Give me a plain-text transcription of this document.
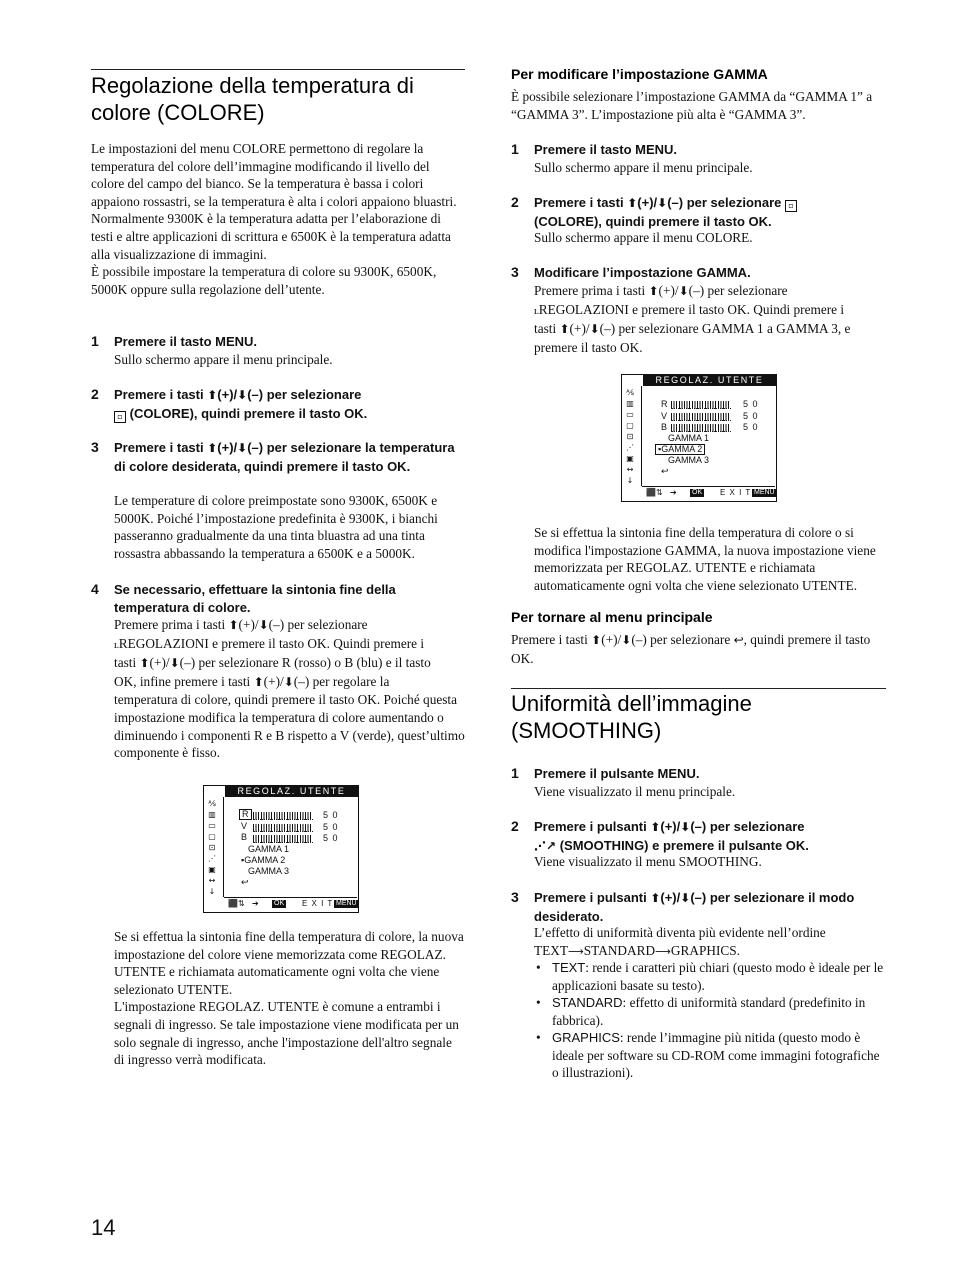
Regolazione della temperatura di colore (COLORE)
Le impostazioni del menu COLORE permettono di regolare la temperatura del colore dell’immagine modificando il livello del colore del campo del bianco. Se la temperatura è bassa i colori appaiono rossastri, se la temperatura è alta i colori appaiono bluastri.
Normalmente 9300K è la temperatura adatta per l’elaborazione di testi e altre applicazioni di scrittura e 6500K è la temperatura adatta alla visualizzazione di immagini.
È possibile impostare la temperatura di colore su 9300K, 6500K, 5000K oppure sulla regolazione dell’utente.
1 Premere il tasto MENU.
Sullo schermo appare il menu principale.
2 Premere i tasti ⬆(+)/⬇(–) per selezionare
▫ (COLORE), quindi premere il tasto OK.
3 Premere i tasti ⬆(+)/⬇(–) per selezionare la temperatura di colore desiderata, quindi premere il tasto OK.
Le temperature di colore preimpostate sono 9300K, 6500K e 5000K. Poiché l’impostazione predefinita è 9300K, i bianchi passeranno gradualmente da una tinta bluastra ad una tinta rossastra abbassando la temperatura a 6500K e a 5000K.
4 Se necessario, effettuare la sintonia fine della temperatura di colore.
Premere prima i tasti ⬆(+)/⬇(–) per selezionare
ʟREGOLAZIONI e premere il tasto OK. Quindi premere i
tasti ⬆(+)/⬇(–) per selezionare R (rosso) o B (blu) e il tasto
OK, infine premere i tasti ⬆(+)/⬇(–) per regolare la
temperatura di colore, quindi premere il tasto OK. Poiché questa impostazione modifica la temperatura di colore aumentando o diminuendo i componenti R e B rispetto a V (verde), quest’ultimo componente è fisso.
REGOLAZ. UTENTE
⅍
▥
▭
▢
⊡
⋰
▣
↔
↓
R
V
B
5 0
5 0
5 0
GAMMA 1
▪GAMMA 2
GAMMA 3
↩
⬛⇅ ➔ OK E X I T MENU
Se si effettua la sintonia fine della temperatura di colore, la nuova impostazione del colore viene memorizzata come REGOLAZ. UTENTE e richiamata automaticamente ogni volta che viene selezionato UTENTE.
L'impostazione REGOLAZ. UTENTE è comune a entrambi i segnali di ingresso. Se tale impostazione viene modificata per un solo segnale di ingresso, anche l'impostazione dell'altro segnale di ingresso verrà modificata.
Per modificare l’impostazione GAMMA
È possibile selezionare l’impostazione GAMMA da “GAMMA 1” a “GAMMA 3”. L’impostazione più alta è “GAMMA 3”.
1 Premere il tasto MENU.
Sullo schermo appare il menu principale.
2 Premere i tasti ⬆(+)/⬇(–) per selezionare ▫
(COLORE), quindi premere il tasto OK.
Sullo schermo appare il menu COLORE.
3 Modificare l’impostazione GAMMA.
Premere prima i tasti ⬆(+)/⬇(–) per selezionare
ʟREGOLAZIONI e premere il tasto OK. Quindi premere i
tasti ⬆(+)/⬇(–) per selezionare GAMMA 1 a GAMMA 3, e premere il tasto OK.
REGOLAZ. UTENTE
⅍
▥
▭
▢
⊡
⋰
▣
↔
↓
R
V
B
5 0
5 0
5 0
GAMMA 1
▪GAMMA 2
GAMMA 3
↩
⬛⇅ ➔ OK E X I T MENU
Se si effettua la sintonia fine della temperatura di colore o si modifica l'impostazione GAMMA, la nuova impostazione viene memorizzata per REGOLAZ. UTENTE e richiamata automaticamente ogni volta che viene selezionato UTENTE.
Per tornare al menu principale
Premere i tasti ⬆(+)/⬇(–) per selezionare ↩, quindi premere il tasto OK.
Uniformità dell’immagine (SMOOTHING)
1 Premere il pulsante MENU.
Viene visualizzato il menu principale.
2 Premere i pulsanti ⬆(+)/⬇(–) per selezionare
⋰↗ (SMOOTHING) e premere il pulsante OK.
Viene visualizzato il menu SMOOTHING.
3 Premere i pulsanti ⬆(+)/⬇(–) per selezionare il modo desiderato.
L’effetto di uniformità diventa più evidente nell’ordine
TEXT⟶STANDARD⟶GRAPHICS.
• TEXT: rende i caratteri più chiari (questo modo è ideale per le applicazioni basate su testo).
• STANDARD: effetto di uniformità standard (predefinito in fabbrica).
• GRAPHICS: rende l’immagine più nitida (questo modo è ideale per software su CD-ROM come immagini fotografiche o illustrazioni).
14
